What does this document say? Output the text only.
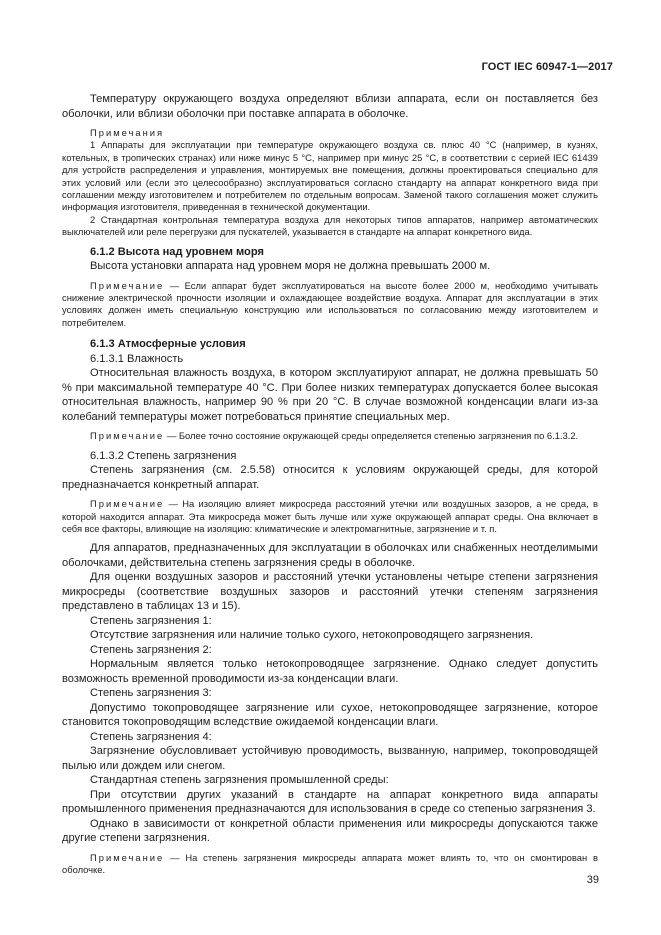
ГОСТ IEC 60947-1—2017

Температуру окружающего воздуха определяют вблизи аппарата, если он поставляется без оболочки, или вблизи оболочки при поставке аппарата в оболочке.

Примечания

1 Аппараты для эксплуатации при температуре окружающего воздуха св. плюс 40 °С (например, в кузнях, котельных, в тропических странах) или ниже минус 5 °С, например при минус 25 °С, в соответствии с серией IEC 61439 для устройств распределения и управления, монтируемых вне помещения, должны проектироваться специально для этих условий или (если это целесообразно) эксплуатироваться согласно стандарту на аппарат конкретного вида при соглашении между изготовителем и потребителем по отдельным вопросам. Заменой такого соглашения может служить информация изготовителя, приведенная в технической документации.

2 Стандартная контрольная температура воздуха для некоторых типов аппаратов, например автоматических выключателей или реле перегрузки для пускателей, указывается в стандарте на аппарат конкретного вида.

6.1.2 Высота над уровнем моря

Высота установки аппарата над уровнем моря не должна превышать 2000 м.

Примечание — Если аппарат будет эксплуатироваться на высоте более 2000 м, необходимо учитывать снижение электрической прочности изоляции и охлаждающее воздействие воздуха. Аппарат для эксплуатации в этих условиях должен иметь специальную конструкцию или использоваться по согласованию между изготовителем и потребителем.

6.1.3 Атмосферные условия

6.1.3.1 Влажность

Относительная влажность воздуха, в котором эксплуатируют аппарат, не должна превышать 50 % при максимальной температуре 40 °С. При более низких температурах допускается более высокая относительная влажность, например 90 % при 20 °С. В случае возможной конденсации влаги из-за колебаний температуры может потребоваться принятие специальных мер.

Примечание — Более точно состояние окружающей среды определяется степенью загрязнения по 6.1.3.2.

6.1.3.2 Степень загрязнения

Степень загрязнения (см. 2.5.58) относится к условиям окружающей среды, для которой предназначается конкретный аппарат.

Примечание — На изоляцию влияет микросреда расстояний утечки или воздушных зазоров, а не среда, в которой находится аппарат. Эта микросреда может быть лучше или хуже окружающей аппарат среды. Она включает в себя все факторы, влияющие на изоляцию: климатические и электромагнитные, загрязнение и т. п.

Для аппаратов, предназначенных для эксплуатации в оболочках или снабженных неотделимыми оболочками, действительна степень загрязнения среды в оболочке.

Для оценки воздушных зазоров и расстояний утечки установлены четыре степени загрязнения микросреды (соответствие воздушных зазоров и расстояний утечки степеням загрязнения представлено в таблицах 13 и 15).

Степень загрязнения 1:

Отсутствие загрязнения или наличие только сухого, нетокопроводящего загрязнения.

Степень загрязнения 2:

Нормальным является только нетокопроводящее загрязнение. Однако следует допустить возможность временной проводимости из-за конденсации влаги.

Степень загрязнения 3:

Допустимо токопроводящее загрязнение или сухое, нетокопроводящее загрязнение, которое становится токопроводящим вследствие ожидаемой конденсации влаги.

Степень загрязнения 4:

Загрязнение обусловливает устойчивую проводимость, вызванную, например, токопроводящей пылью или дождем или снегом.

Стандартная степень загрязнения промышленной среды:

При отсутствии других указаний в стандарте на аппарат конкретного вида аппараты промышленного применения предназначаются для использования в среде со степенью загрязнения 3.

Однако в зависимости от конкретной области применения или микросреды допускаются также другие степени загрязнения.

Примечание — На степень загрязнения микросреды аппарата может влиять то, что он смонтирован в оболочке.

39
